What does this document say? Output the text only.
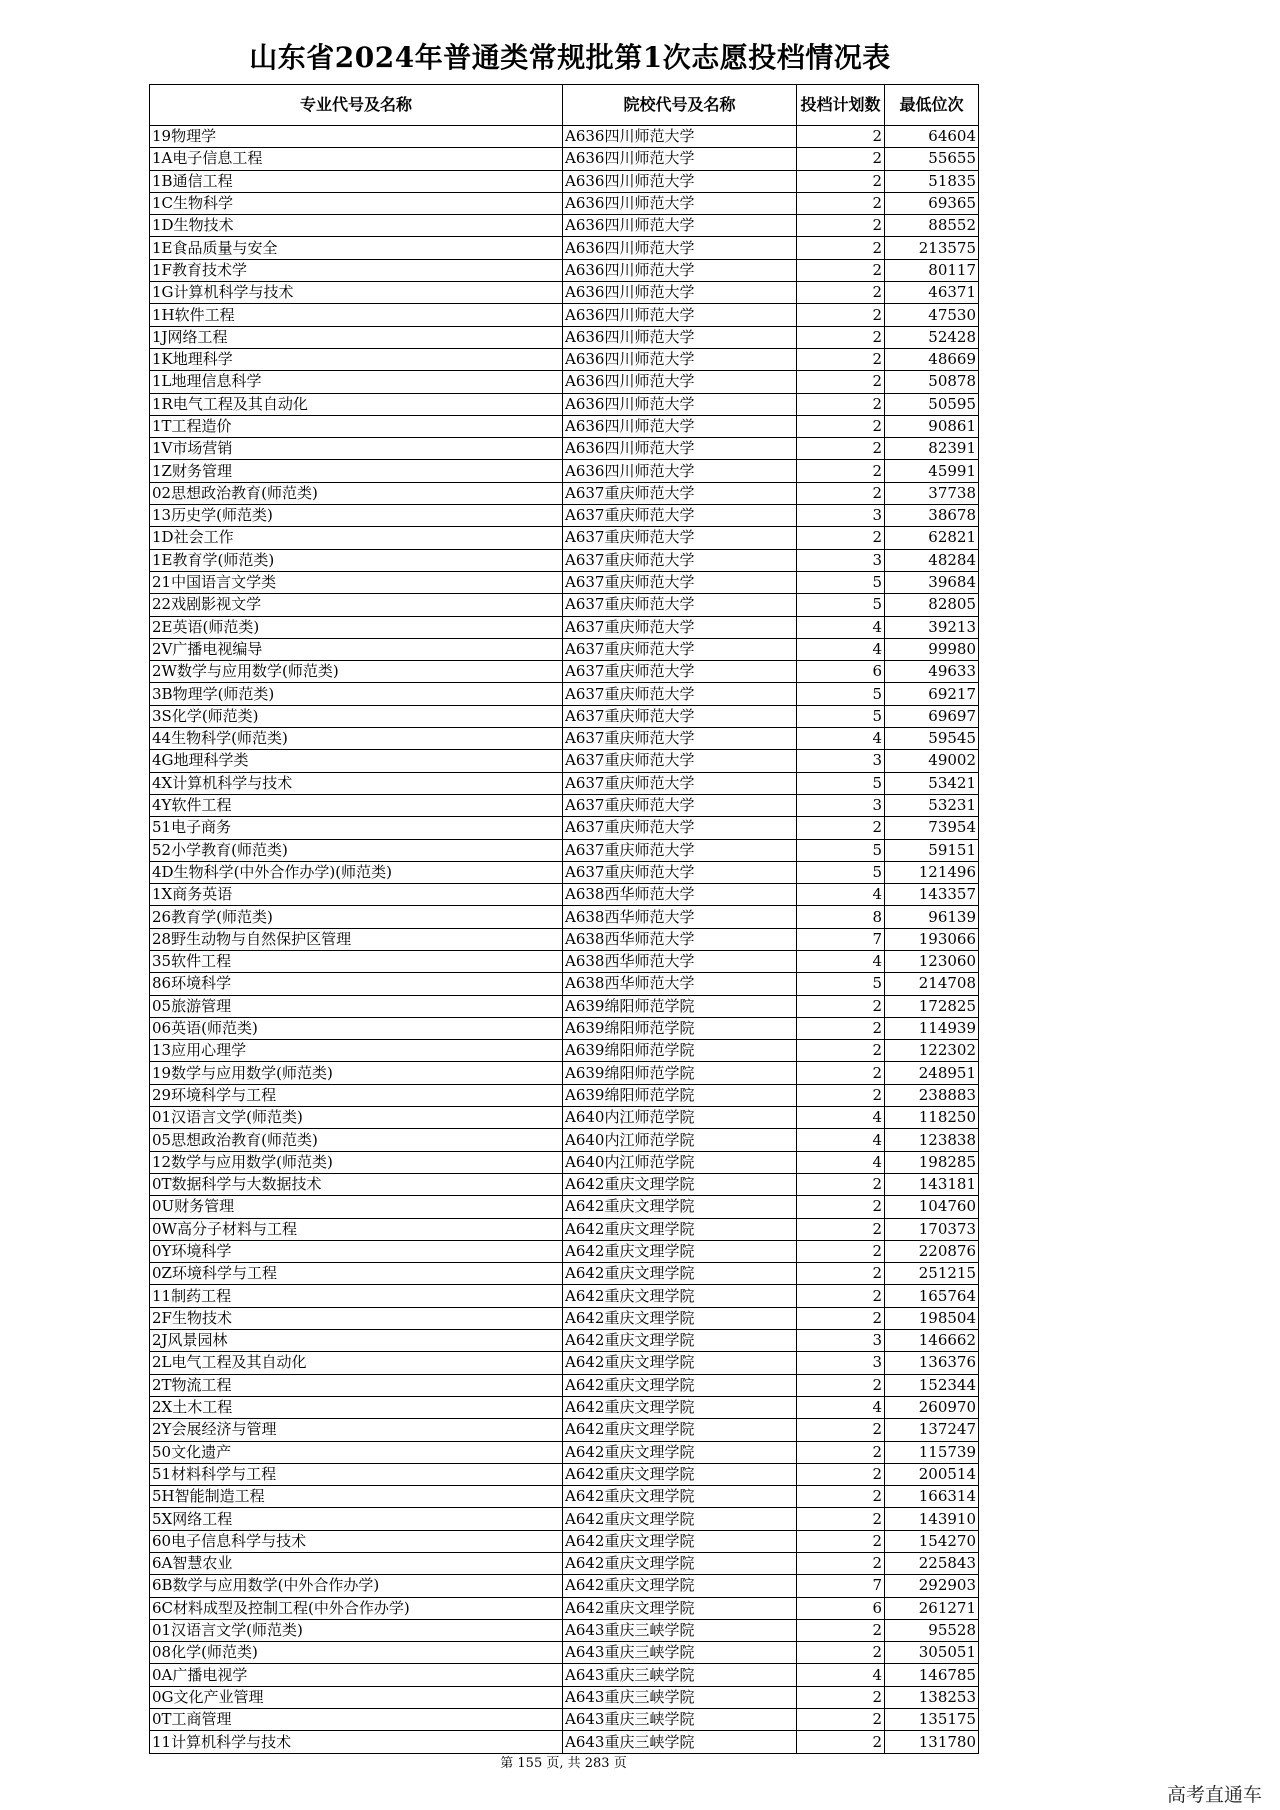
山东省2024年普通类常规批第1次志愿投档情况表
专业代号及名称	院校代号及名称	投档计划数	最低位次
19物理学	A636四川师范大学	2	64604
1A电子信息工程	A636四川师范大学	2	55655
1B通信工程	A636四川师范大学	2	51835
1C生物科学	A636四川师范大学	2	69365
1D生物技术	A636四川师范大学	2	88552
1E食品质量与安全	A636四川师范大学	2	213575
1F教育技术学	A636四川师范大学	2	80117
1G计算机科学与技术	A636四川师范大学	2	46371
1H软件工程	A636四川师范大学	2	47530
1J网络工程	A636四川师范大学	2	52428
1K地理科学	A636四川师范大学	2	48669
1L地理信息科学	A636四川师范大学	2	50878
1R电气工程及其自动化	A636四川师范大学	2	50595
1T工程造价	A636四川师范大学	2	90861
1V市场营销	A636四川师范大学	2	82391
1Z财务管理	A636四川师范大学	2	45991
02思想政治教育(师范类)	A637重庆师范大学	2	37738
13历史学(师范类)	A637重庆师范大学	3	38678
1D社会工作	A637重庆师范大学	2	62821
1E教育学(师范类)	A637重庆师范大学	3	48284
21中国语言文学类	A637重庆师范大学	5	39684
22戏剧影视文学	A637重庆师范大学	5	82805
2E英语(师范类)	A637重庆师范大学	4	39213
2V广播电视编导	A637重庆师范大学	4	99980
2W数学与应用数学(师范类)	A637重庆师范大学	6	49633
3B物理学(师范类)	A637重庆师范大学	5	69217
3S化学(师范类)	A637重庆师范大学	5	69697
44生物科学(师范类)	A637重庆师范大学	4	59545
4G地理科学类	A637重庆师范大学	3	49002
4X计算机科学与技术	A637重庆师范大学	5	53421
4Y软件工程	A637重庆师范大学	3	53231
51电子商务	A637重庆师范大学	2	73954
52小学教育(师范类)	A637重庆师范大学	5	59151
4D生物科学(中外合作办学)(师范类)	A637重庆师范大学	5	121496
1X商务英语	A638西华师范大学	4	143357
26教育学(师范类)	A638西华师范大学	8	96139
28野生动物与自然保护区管理	A638西华师范大学	7	193066
35软件工程	A638西华师范大学	4	123060
86环境科学	A638西华师范大学	5	214708
05旅游管理	A639绵阳师范学院	2	172825
06英语(师范类)	A639绵阳师范学院	2	114939
13应用心理学	A639绵阳师范学院	2	122302
19数学与应用数学(师范类)	A639绵阳师范学院	2	248951
29环境科学与工程	A639绵阳师范学院	2	238883
01汉语言文学(师范类)	A640内江师范学院	4	118250
05思想政治教育(师范类)	A640内江师范学院	4	123838
12数学与应用数学(师范类)	A640内江师范学院	4	198285
0T数据科学与大数据技术	A642重庆文理学院	2	143181
0U财务管理	A642重庆文理学院	2	104760
0W高分子材料与工程	A642重庆文理学院	2	170373
0Y环境科学	A642重庆文理学院	2	220876
0Z环境科学与工程	A642重庆文理学院	2	251215
11制药工程	A642重庆文理学院	2	165764
2F生物技术	A642重庆文理学院	2	198504
2J风景园林	A642重庆文理学院	3	146662
2L电气工程及其自动化	A642重庆文理学院	3	136376
2T物流工程	A642重庆文理学院	2	152344
2X土木工程	A642重庆文理学院	4	260970
2Y会展经济与管理	A642重庆文理学院	2	137247
50文化遗产	A642重庆文理学院	2	115739
51材料科学与工程	A642重庆文理学院	2	200514
5H智能制造工程	A642重庆文理学院	2	166314
5X网络工程	A642重庆文理学院	2	143910
60电子信息科学与技术	A642重庆文理学院	2	154270
6A智慧农业	A642重庆文理学院	2	225843
6B数学与应用数学(中外合作办学)	A642重庆文理学院	7	292903
6C材料成型及控制工程(中外合作办学)	A642重庆文理学院	6	261271
01汉语言文学(师范类)	A643重庆三峡学院	2	95528
08化学(师范类)	A643重庆三峡学院	2	305051
0A广播电视学	A643重庆三峡学院	4	146785
0G文化产业管理	A643重庆三峡学院	2	138253
0T工商管理	A643重庆三峡学院	2	135175
11计算机科学与技术	A643重庆三峡学院	2	131780
第 155 页, 共 283 页
高考直通车
